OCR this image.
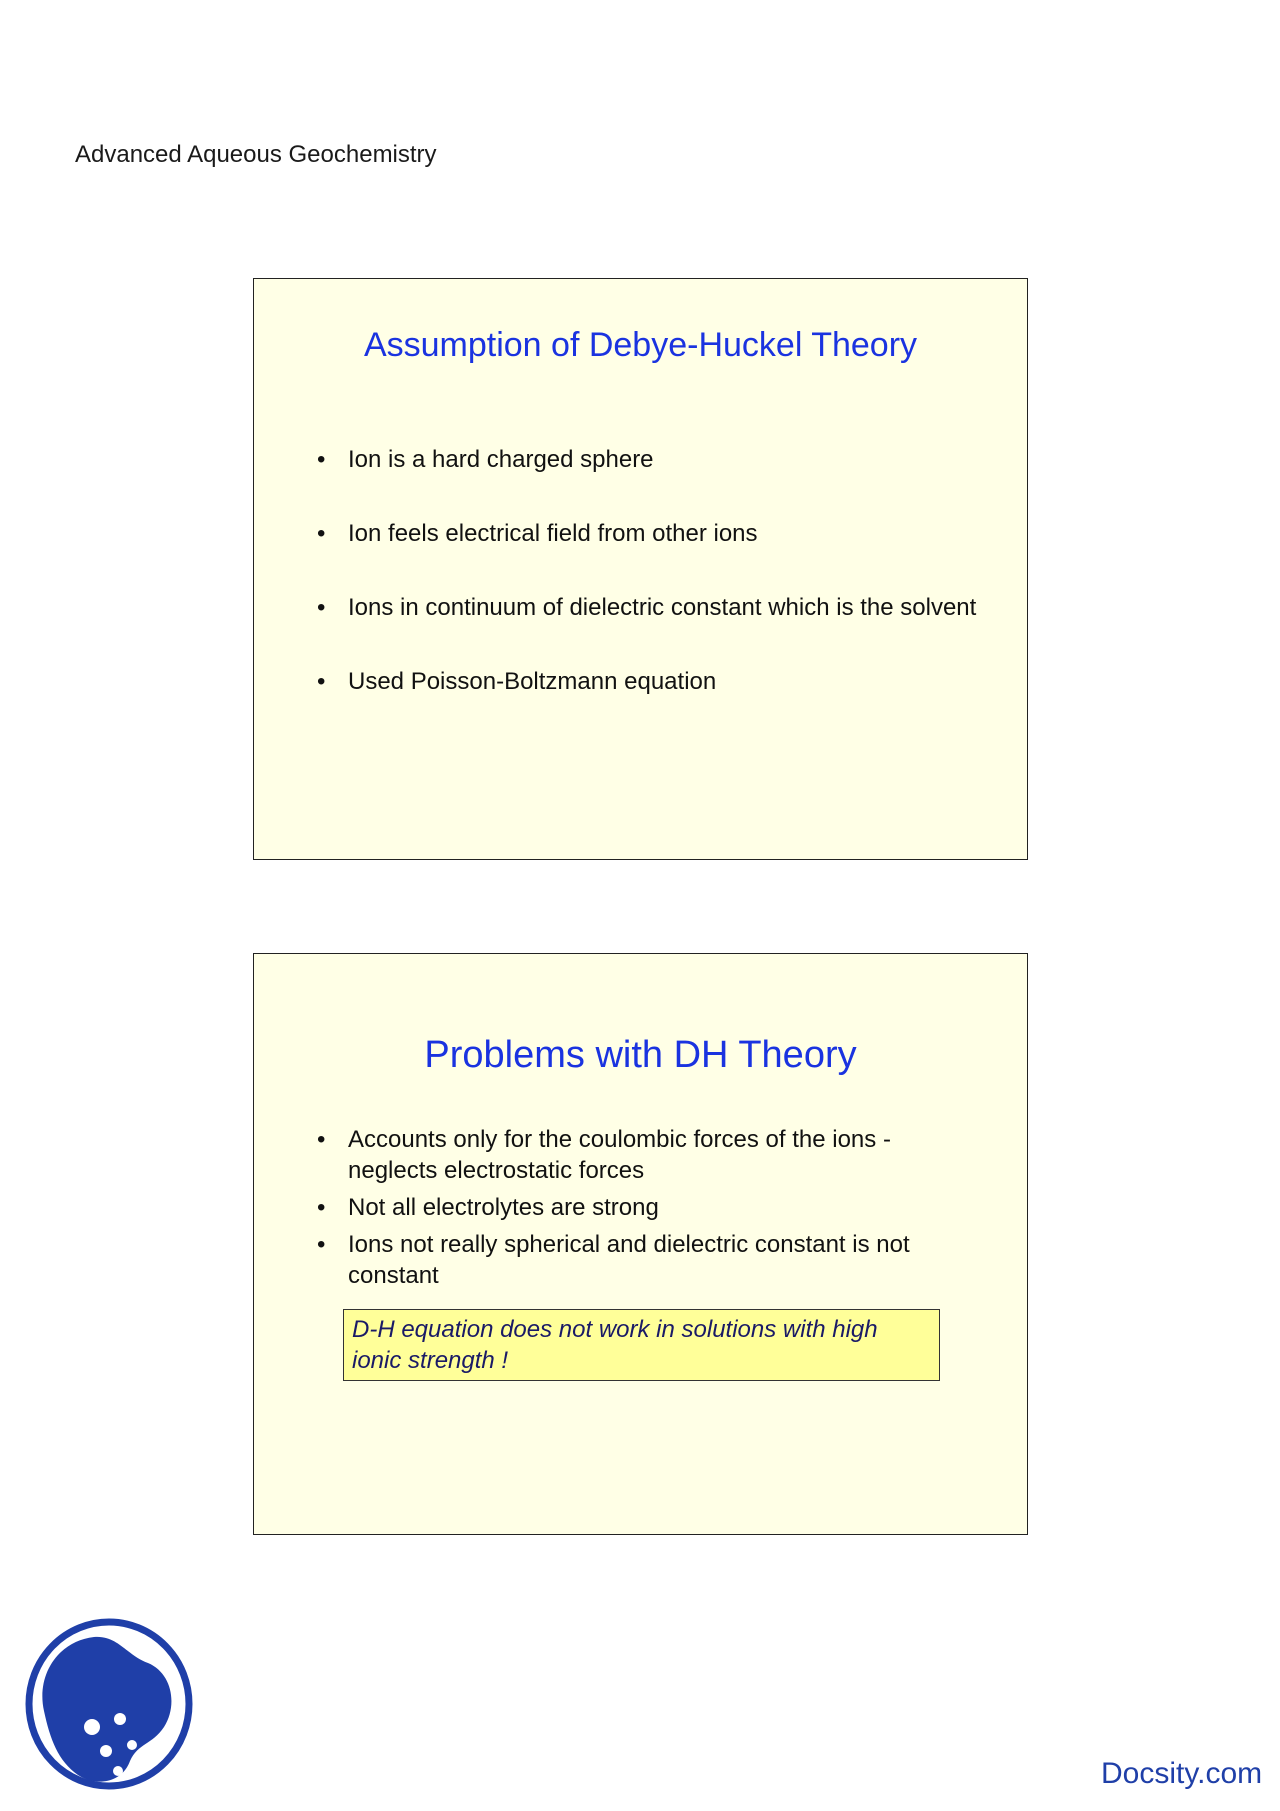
Advanced Aqueous Geochemistry
Assumption of Debye-Huckel Theory
• Ion is a hard charged sphere
• Ion feels electrical field from other ions
• Ions in continuum of dielectric constant which is the solvent
• Used Poisson-Boltzmann equation
Problems with DH Theory
• Accounts only for the coulombic forces of the ions - neglects electrostatic forces
• Not all electrolytes are strong
• Ions not really spherical and dielectric constant is not constant
D-H equation does not work in solutions with high ionic strength !
Docsity.com
